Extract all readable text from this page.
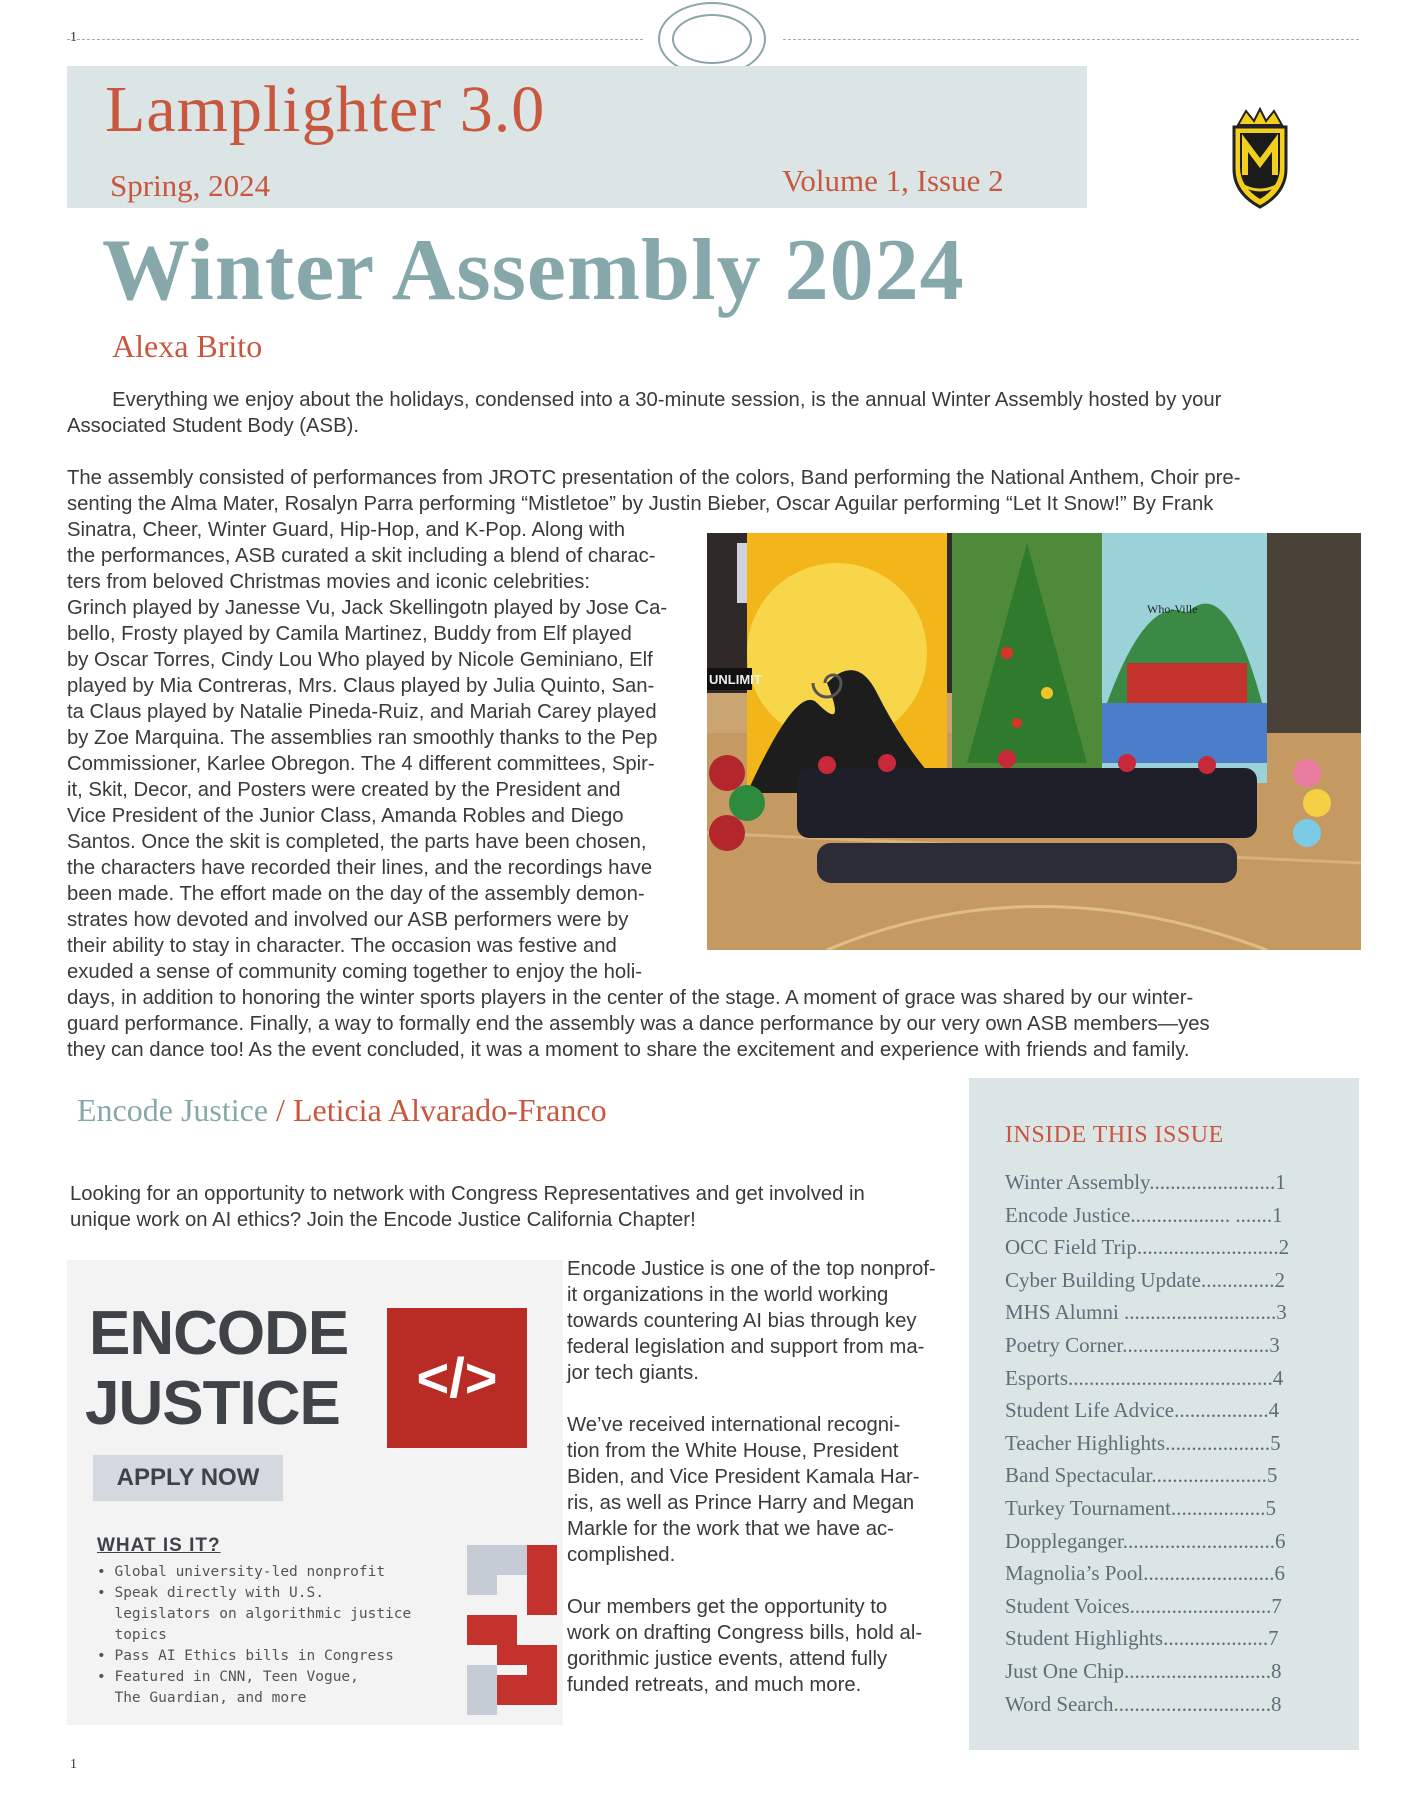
1
Lamplighter 3.0
Spring, 2024	Volume 1, Issue 2
Winter Assembly 2024
Alexa Brito
Everything we enjoy about the holidays, condensed into a 30-minute session, is the annual Winter Assembly hosted by your
Associated Student Body (ASB).
The assembly consisted of performances from JROTC presentation of the colors, Band performing the National Anthem, Choir pre-
senting the Alma Mater, Rosalyn Parra performing “Mistletoe” by Justin Bieber, Oscar Aguilar performing “Let It Snow!” By Frank
Sinatra, Cheer, Winter Guard, Hip-Hop, and K-Pop. Along with
the performances, ASB curated a skit including a blend of charac-
ters from beloved Christmas movies and iconic celebrities:
Grinch played by Janesse Vu, Jack Skellingotn played by Jose Ca-
bello, Frosty played by Camila Martinez, Buddy from Elf played
by Oscar Torres, Cindy Lou Who played by Nicole Geminiano, Elf
played by Mia Contreras, Mrs. Claus played by Julia Quinto, San-
ta Claus played by Natalie Pineda-Ruiz, and Mariah Carey played
by Zoe Marquina. The assemblies ran smoothly thanks to the Pep
Commissioner, Karlee Obregon. The 4 different committees, Spir-
it, Skit, Decor, and Posters were created by the President and
Vice President of the Junior Class, Amanda Robles and Diego
Santos. Once the skit is completed, the parts have been chosen,
the characters have recorded their lines, and the recordings have
been made. The effort made on the day of the assembly demon-
strates how devoted and involved our ASB performers were by
their ability to stay in character. The occasion was festive and
exuded a sense of community coming together to enjoy the holi-
days, in addition to honoring the winter sports players in the center of the stage. A moment of grace was shared by our winter-
guard performance. Finally, a way to formally end the assembly was a dance performance by our very own ASB members—yes
they can dance too! As the event concluded, it was a moment to share the excitement and experience with friends and family.
UNLIMIT
Who-Ville
Encode Justice / Leticia Alvarado-Franco
Looking for an opportunity to network with Congress Representatives and get involved in
unique work on AI ethics? Join the Encode Justice California Chapter!
ENCODE
JUSTICE	</>
APPLY NOW
WHAT IS IT?
• Global university-led nonprofit
• Speak directly with U.S.
legislators on algorithmic justice
topics
• Pass AI Ethics bills in Congress
• Featured in CNN, Teen Vogue,
The Guardian, and more
Encode Justice is one of the top nonprof-
it organizations in the world working
towards countering AI bias through key
federal legislation and support from ma-
jor tech giants.
We’ve received international recogni-
tion from the White House, President
Biden, and Vice President Kamala Har-
ris, as well as Prince Harry and Megan
Markle for the work that we have ac-
complished.
Our members get the opportunity to
work on drafting Congress bills, hold al-
gorithmic justice events, attend fully
funded retreats, and much more.
INSIDE THIS ISSUE
Winter Assembly........................1
Encode Justice................... .......1
OCC Field Trip...........................2
Cyber Building Update..............2
MHS Alumni .............................3
Poetry Corner............................3
Esports.......................................4
Student Life Advice..................4
Teacher Highlights....................5
Band Spectacular......................5
Turkey Tournament..................5
Doppleganger.............................6
Magnolia’s Pool.........................6
Student Voices...........................7
Student Highlights....................7
Just One Chip............................8
Word Search..............................8
1
